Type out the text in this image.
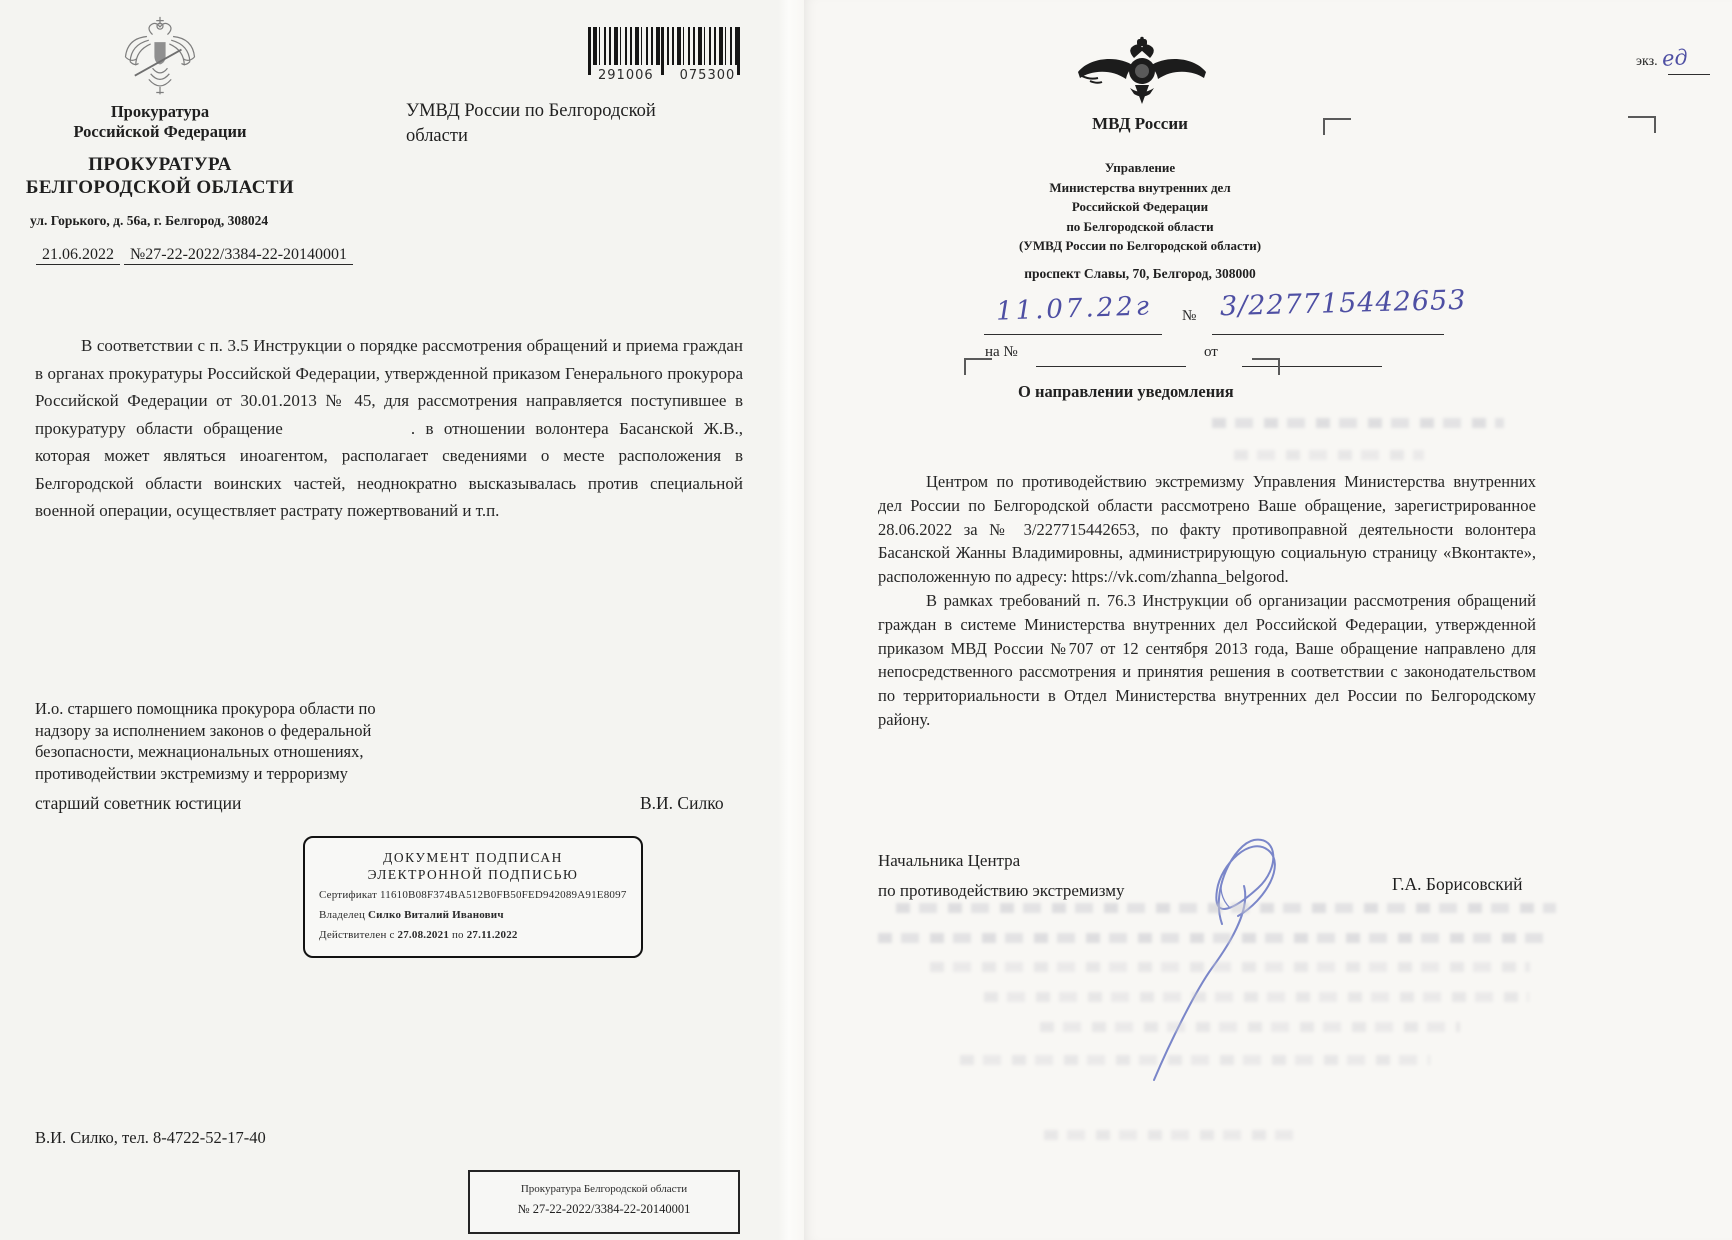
Прокуратура
Российской Федерации
ПРОКУРАТУРА
БЕЛГОРОДСКОЙ ОБЛАСТИ
ул. Горького, д. 56а, г. Белгород, 308024
21.06.2022 №27-22-2022/3384-22-20140001
УМВД России по Белгородской области
291006 075300

В соответствии с п. 3.5 Инструкции о порядке рассмотрения обращений и приема граждан в органах прокуратуры Российской Федерации, утвержденной приказом Генерального прокурора Российской Федерации от 30.01.2013 № 45, для рассмотрения направляется поступившее в прокуратуру области обращение	. в отношении волонтера Басанской Ж.В., которая может являться иноагентом, располагает сведениями о месте расположения в Белгородской области воинских частей, неоднократно высказывалась против специальной военной операции, осуществляет растрату пожертвований и т.п.

И.о. старшего помощника прокурора области по
надзору за исполнением законов о федеральной
безопасности, межнациональных отношениях,
противодействии экстремизму и терроризму
старший советник юстиции	В.И. Силко
ДОКУМЕНТ ПОДПИСАН
ЭЛЕКТРОННОЙ ПОДПИСЬЮ
Сертификат 11610B08F374BA512B0FB50FED942089A91E8097
Владелец Силко Виталий Иванович
Действителен с 27.08.2021 по 27.11.2022
В.И. Силко, тел. 8-4722-52-17-40
Прокуратура Белгородской области
№ 27-22-2022/3384-22-20140001
экз. ед
МВД России
Управление
Министерства внутренних дел
Российской Федерации
по Белгородской области
(УМВД России по Белгородской области)
проспект Славы, 70, Белгород, 308000
11.07.22г № 3/227715442653
на №	от
О направлении уведомления

Центром по противодействию экстремизму Управления Министерства внутренних дел России по Белгородской области рассмотрено Ваше обращение, зарегистрированное 28.06.2022 за № 3/227715442653, по факту противоправной деятельности волонтера Басанской Жанны Владимировны, администрирующую социальную страницу «Вконтакте», расположенную по адресу: https://vk.com/zhanna_belgorod.

В рамках требований п. 76.3 Инструкции об организации рассмотрения обращений граждан в системе Министерства внутренних дел Российской Федерации, утвержденной приказом МВД России №707 от 12 сентября 2013 года, Ваше обращение направлено для непосредственного рассмотрения и принятия решения в соответствии с законодательством по территориальности в Отдел Министерства внутренних дел России по Белгородскому району.

Начальника Центра
по противодействию экстремизму	Г.А. Борисовский
